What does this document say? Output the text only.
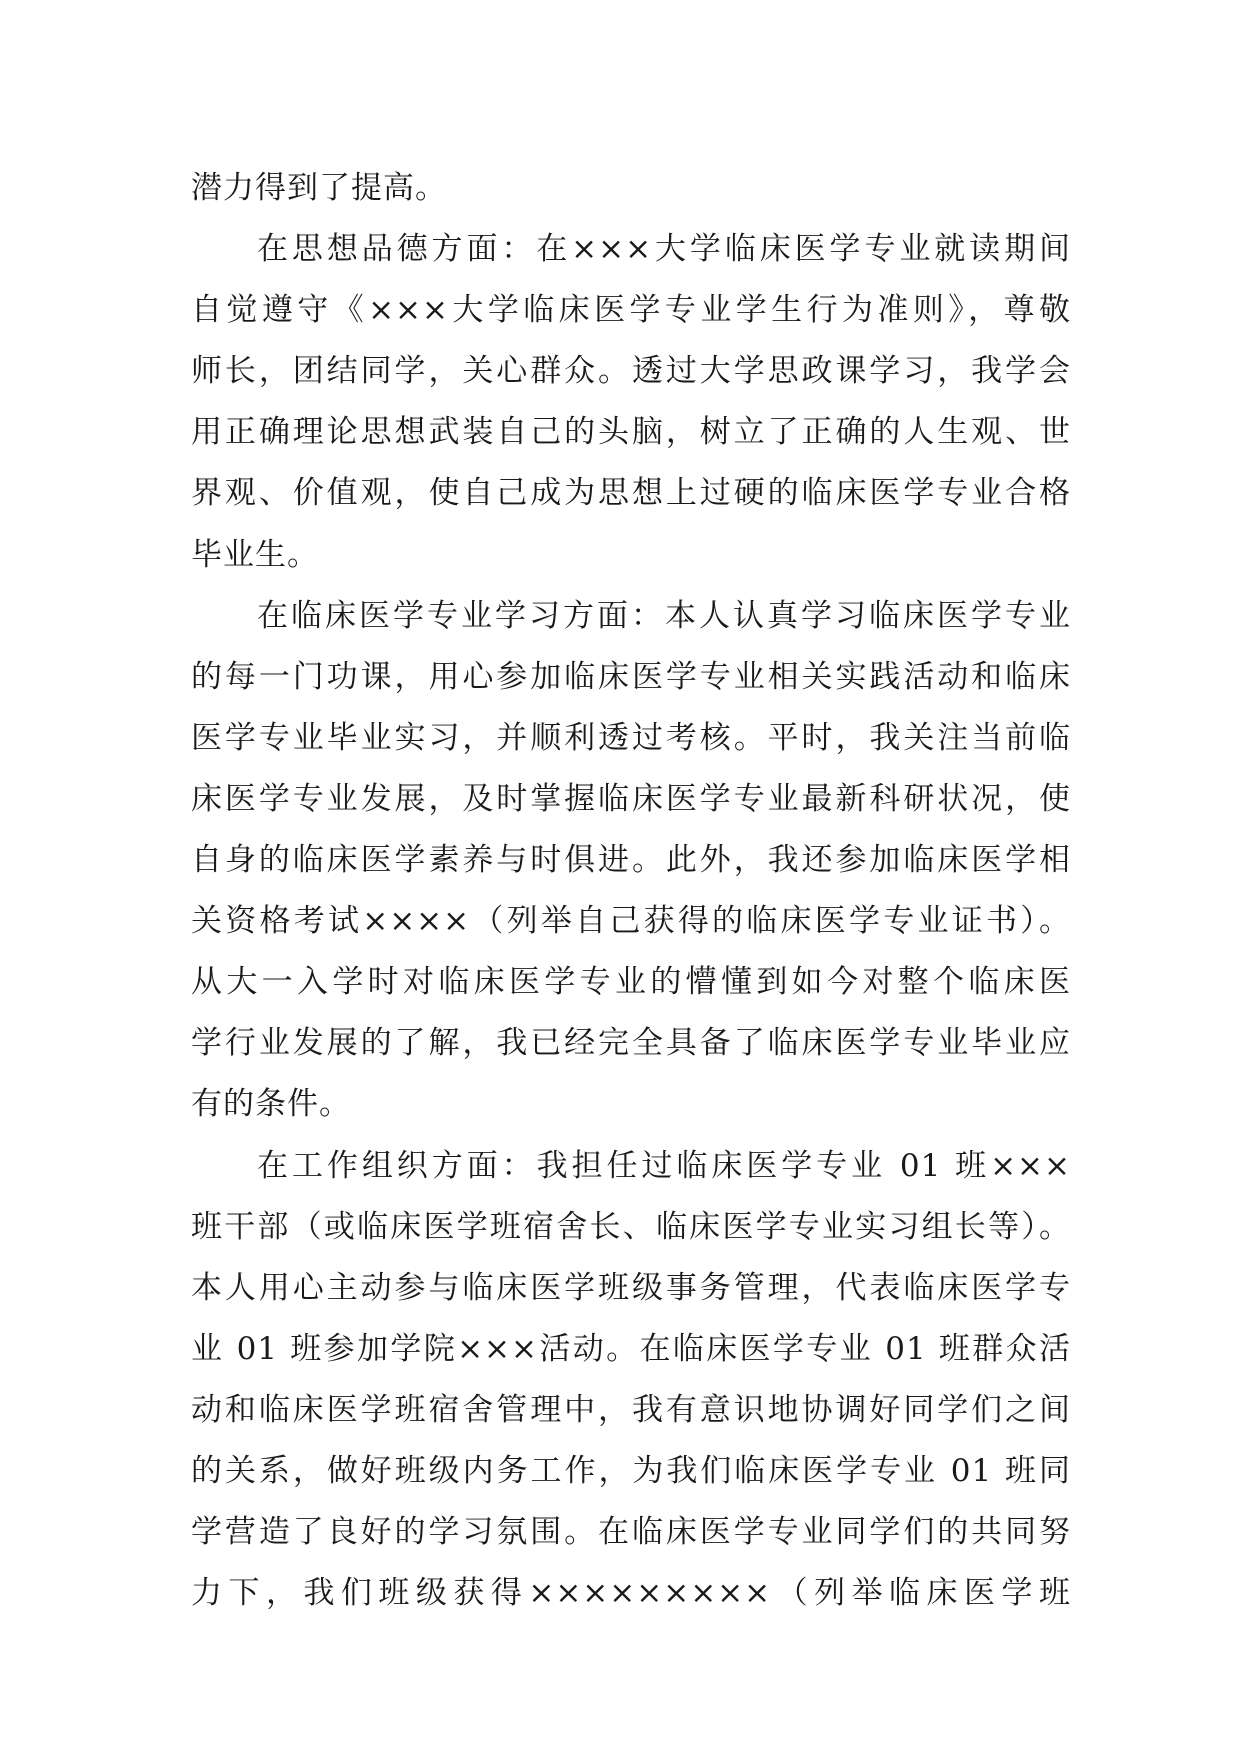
潜力得到了提高。
在思想品德方面：在×××大学临床医学专业就读期间
自觉遵守《×××大学临床医学专业学生行为准则》，尊敬
师长，团结同学，关心群众。透过大学思政课学习，我学会
用正确理论思想武装自己的头脑，树立了正确的人生观、世
界观、价值观，使自己成为思想上过硬的临床医学专业合格
毕业生。
在临床医学专业学习方面：本人认真学习临床医学专业
的每一门功课，用心参加临床医学专业相关实践活动和临床
医学专业毕业实习，并顺利透过考核。平时，我关注当前临
床医学专业发展，及时掌握临床医学专业最新科研状况，使
自身的临床医学素养与时俱进。此外，我还参加临床医学相
关资格考试××××（列举自己获得的临床医学专业证书）。
从大一入学时对临床医学专业的懵懂到如今对整个临床医
学行业发展的了解，我已经完全具备了临床医学专业毕业应
有的条件。
在工作组织方面：我担任过临床医学专业 01 班×××
班干部（或临床医学班宿舍长、临床医学专业实习组长等）。
本人用心主动参与临床医学班级事务管理，代表临床医学专
业 01 班参加学院×××活动。在临床医学专业 01 班群众活
动和临床医学班宿舍管理中，我有意识地协调好同学们之间
的关系，做好班级内务工作，为我们临床医学专业 01 班同
学营造了良好的学习氛围。在临床医学专业同学们的共同努
力下，我们班级获得×××××××××（列举临床医学班
